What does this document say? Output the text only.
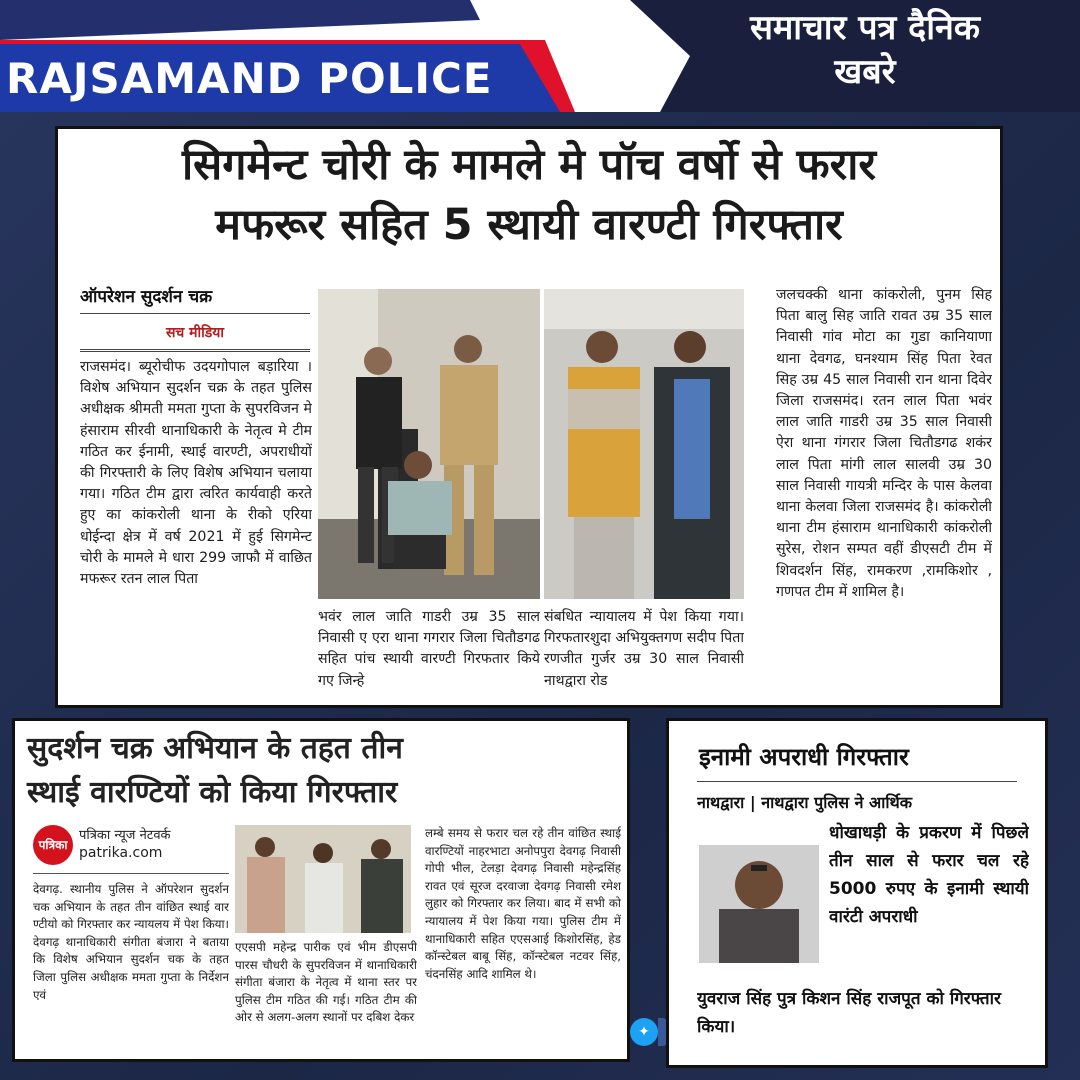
RAJSAMAND POLICE
समाचार पत्र दैनिक
खबरे
सिगमेन्ट चोरी के मामले मे पॉच वर्षो से फरार
मफरूर सहित 5 स्थायी वारण्टी गिरफ्तार
ऑपरेशन सुदर्शन चक्र
सच मीडिया
राजसमंद। ब्यूरोचीफ उदयगोपाल बड़ारिया । विशेष अभियान सुदर्शन चक्र के तहत पुलिस अधीक्षक श्रीमती ममता गुप्ता के सुपरविजन मे हंसाराम सीरवी थानाधिकारी के नेतृत्व मे टीम गठित कर ईनामी, स्थाई वारण्टी, अपराधीयों की गिरफ्तारी के लिए विशेष अभियान चलाया गया। गठित टीम द्वारा त्वरित कार्यवाही करते हुए का कांकरोली थाना के रीको एरिया धोईन्दा क्षेत्र में वर्ष 2021 में हुई सिगमेन्ट चोरी के मामले मे धारा 299 जाफौ में वाछित मफरूर रतन लाल पिता
भवंर लाल जाति गाडरी उम्र 35 साल निवासी ए एरा थाना गगरार जिला चितौडगढ सहित पांच स्थायी वारण्टी गिरफतार किये गए जिन्हे
संबधित न्यायालय में पेश किया गया। गिरफतारशुदा अभियुक्तगण सदीप पिता रणजीत गुर्जर उम्र 30 साल निवासी नाथद्वारा रोड
जलचक्की थाना कांकरोली, पुनम सिह पिता बालु सिह जाति रावत उम्र 35 साल निवासी गांव मोटा का गुडा कानियाणा थाना देवगढ, घनश्याम सिंह पिता रेवत सिह उम्र 45 साल निवासी रान थाना दिवेर जिला राजसमंद। रतन लाल पिता भवंर लाल जाति गाडरी उम्र 35 साल निवासी ऐरा थाना गंगरार जिला चितौडगढ शकंर लाल पिता मांगी लाल सालवी उम्र 30 साल निवासी गायत्री मन्दिर के पास केलवा थाना केलवा जिला राजसमंद है। कांकरोली थाना टीम हंसाराम थानाधिकारी कांकरोली सुरेस, रोशन सम्पत वहीं डीएसटी टीम में शिवदर्शन सिंह, रामकरण ,रामकिशोर , गणपत टीम में शामिल है।
सुदर्शन चक्र अभियान के तहत तीन
स्थाई वारण्टियों को किया गिरफ्तार
पत्रिका
पत्रिका न्यूज नेटवर्क
patrika.com
देवगढ़. स्थानीय पुलिस ने ऑपरेशन सुदर्शन चक अभियान के तहत तीन वांछित स्थाई वार ण्टीयो को गिरफ्तार कर न्यायलय में पेश किया। देवगढ़ थानाधिकारी संगीता बंजारा ने बताया कि विशेष अभियान सुदर्शन चक के तहत जिला पुलिस अधीक्षक ममता गुप्ता के निर्देशन एवं
एएसपी महेन्द्र पारीक एवं भीम डीएसपी पारस चौधरी के सुपरविजन में थानाधिकारी संगीता बंजारा के नेतृत्व में थाना स्तर पर पुलिस टीम गठित की गई। गठित टीम की ओर से अलग-अलग स्थानों पर दबिश देकर
लम्बे समय से फरार चल रहे तीन वांछित स्थाई वारण्टियों नाहरभाटा अनोपपुरा देवगढ़ निवासी गोपी भील, टेलड़ा देवगढ़ निवासी महेन्द्रसिंह रावत एवं सूरज दरवाजा देवगढ़ निवासी रमेश लुहार को गिरफ्तार कर लिया। बाद में सभी को न्यायालय में पेश किया गया। पुलिस टीम में थानाधिकारी सहित एएसआई किशोरसिंह, हेड कॉन्स्टेबल बाबू सिंह, कॉन्स्टेबल नटवर सिंह, चंदनसिंह आदि शामिल थे।
✦
इनामी अपराधी गिरफ्तार
नाथद्वारा | नाथद्वारा पुलिस ने आर्थिक
धोखाधड़ी के प्रकरण में पिछले तीन साल से फरार चल रहे 5000 रुपए के इनामी स्थायी वारंटी अपराधी
युवराज सिंह पुत्र किशन सिंह राजपूत को गिरफ्तार किया।
